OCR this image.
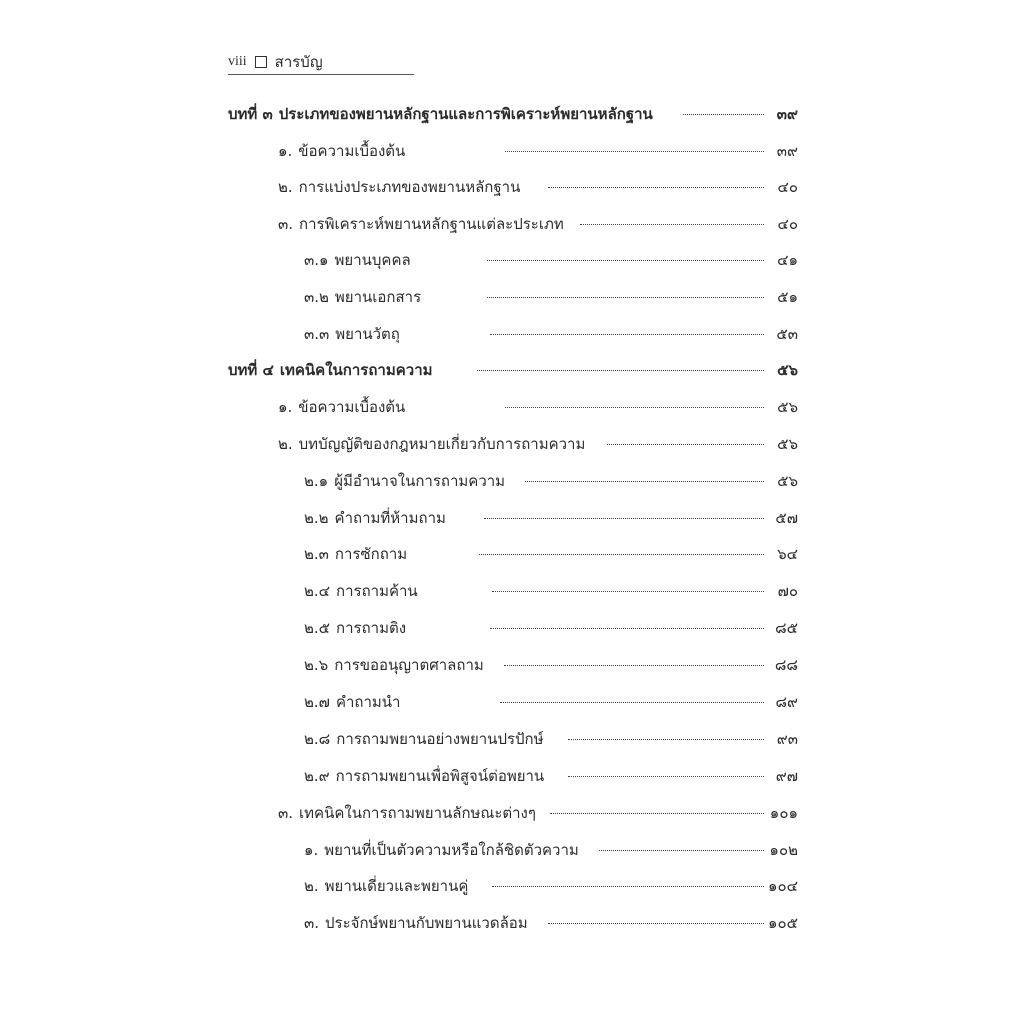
viii สารบัญ
บทที่ ๓ ประเภทของพยานหลักฐานและการพิเคราะห์พยานหลักฐาน	๓๙
๑. ข้อความเบื้องต้น	๓๙
๒. การแบ่งประเภทของพยานหลักฐาน	๔๐
๓. การพิเคราะห์พยานหลักฐานแต่ละประเภท	๔๐
๓.๑ พยานบุคคล	๔๑
๓.๒ พยานเอกสาร	๕๑
๓.๓ พยานวัตถุ	๕๓
บทที่ ๔ เทคนิคในการถามความ	๕๖
๑. ข้อความเบื้องต้น	๕๖
๒. บทบัญญัติของกฎหมายเกี่ยวกับการถามความ	๕๖
๒.๑ ผู้มีอำนาจในการถามความ	๕๖
๒.๒ คำถามที่ห้ามถาม	๕๗
๒.๓ การซักถาม	๖๔
๒.๔ การถามค้าน	๗๐
๒.๕ การถามติง	๘๕
๒.๖ การขออนุญาตศาลถาม	๘๘
๒.๗ คำถามนำ	๘๙
๒.๘ การถามพยานอย่างพยานปรปักษ์	๙๓
๒.๙ การถามพยานเพื่อพิสูจน์ต่อพยาน	๙๗
๓. เทคนิคในการถามพยานลักษณะต่างๆ	๑๐๑
๑. พยานที่เป็นตัวความหรือใกล้ชิดตัวความ	๑๐๒
๒. พยานเดี่ยวและพยานคู่	๑๐๔
๓. ประจักษ์พยานกับพยานแวดล้อม	๑๐๕
